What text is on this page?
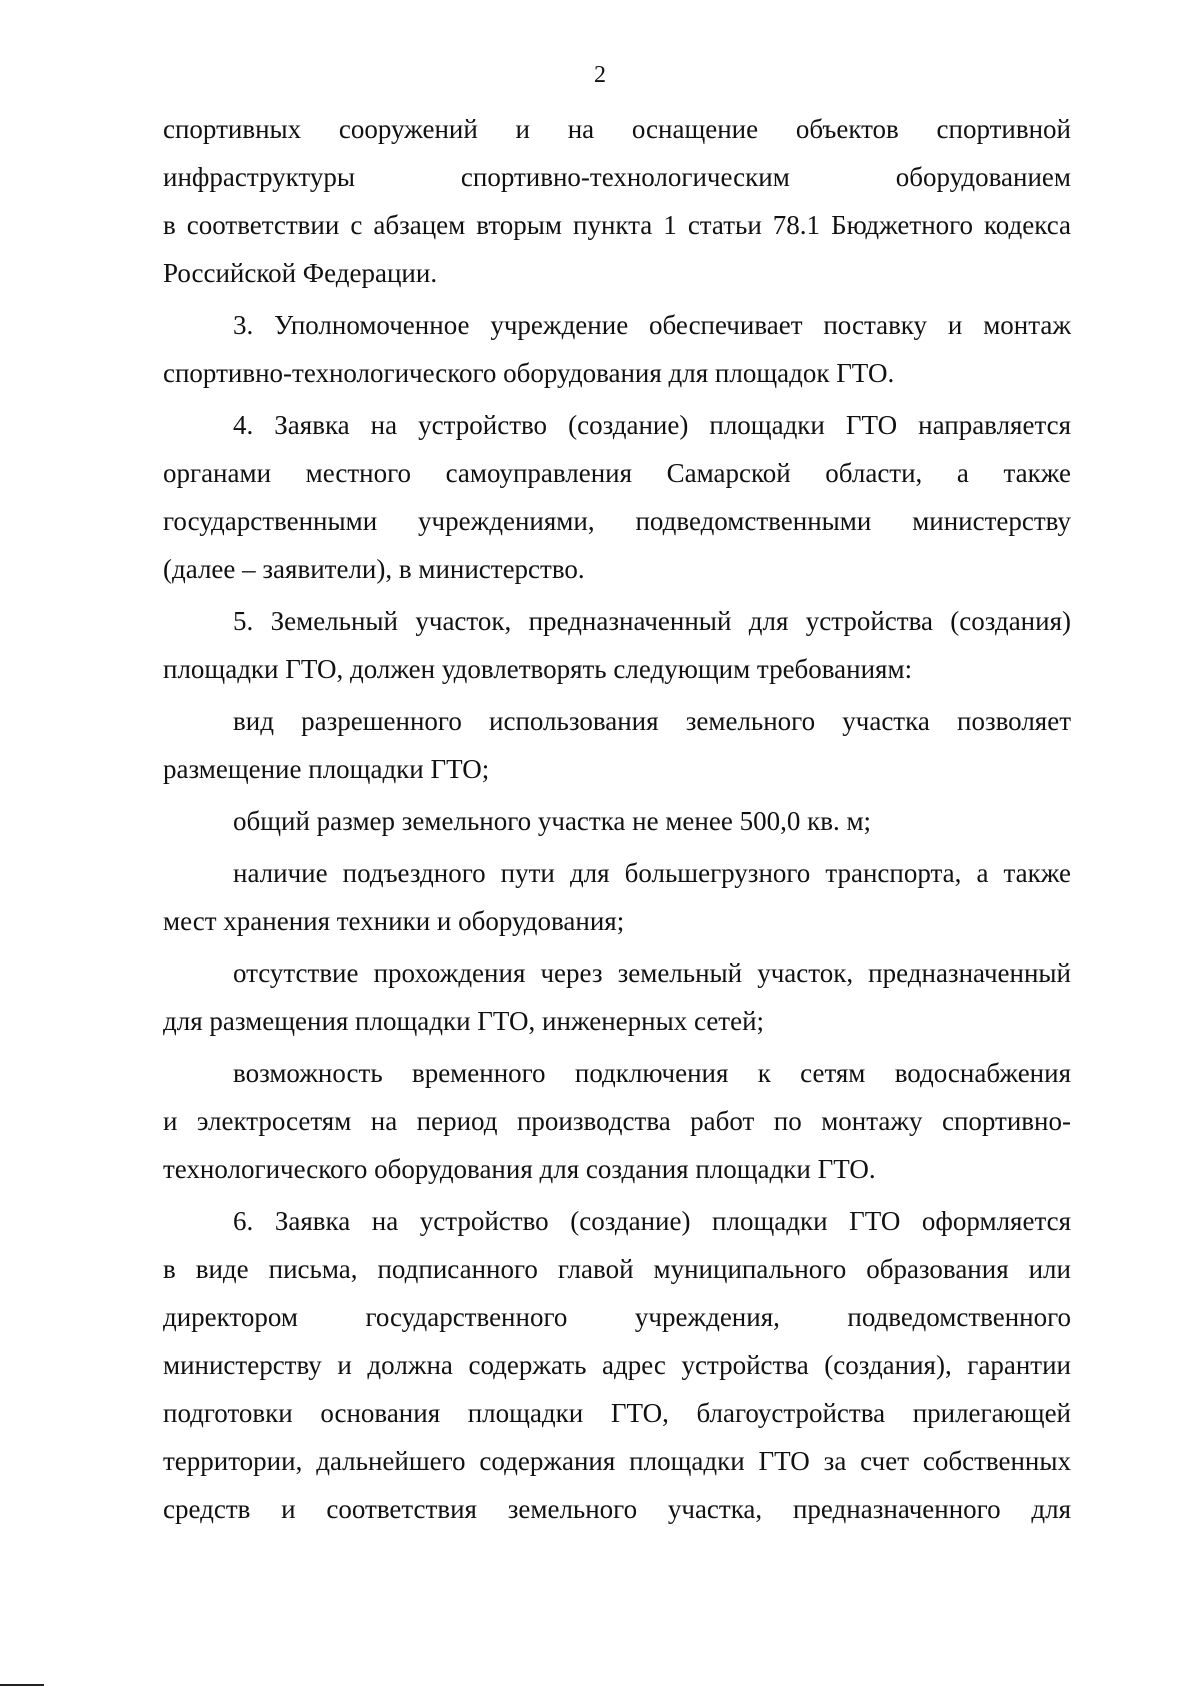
2
спортивных сооружений и на оснащение объектов спортивной
инфраструктуры спортивно-технологическим оборудованием
в соответствии с абзацем вторым пункта 1 статьи 78.1 Бюджетного кодекса
Российской Федерации.
3. Уполномоченное учреждение обеспечивает поставку и монтаж
спортивно-технологического оборудования для площадок ГТО.
4. Заявка на устройство (создание) площадки ГТО направляется
органами местного самоуправления Самарской области, а также
государственными учреждениями, подведомственными министерству
(далее – заявители), в министерство.
5. Земельный участок, предназначенный для устройства (создания)
площадки ГТО, должен удовлетворять следующим требованиям:
вид разрешенного использования земельного участка позволяет
размещение площадки ГТО;
общий размер земельного участка не менее 500,0 кв. м;
наличие подъездного пути для большегрузного транспорта, а также
мест хранения техники и оборудования;
отсутствие прохождения через земельный участок, предназначенный
для размещения площадки ГТО, инженерных сетей;
возможность временного подключения к сетям водоснабжения
и электросетям на период производства работ по монтажу спортивно-
технологического оборудования для создания площадки ГТО.
6. Заявка на устройство (создание) площадки ГТО оформляется
в виде письма, подписанного главой муниципального образования или
директором государственного учреждения, подведомственного
министерству и должна содержать адрес устройства (создания), гарантии
подготовки основания площадки ГТО, благоустройства прилегающей
территории, дальнейшего содержания площадки ГТО за счет собственных
средств и соответствия земельного участка, предназначенного для
